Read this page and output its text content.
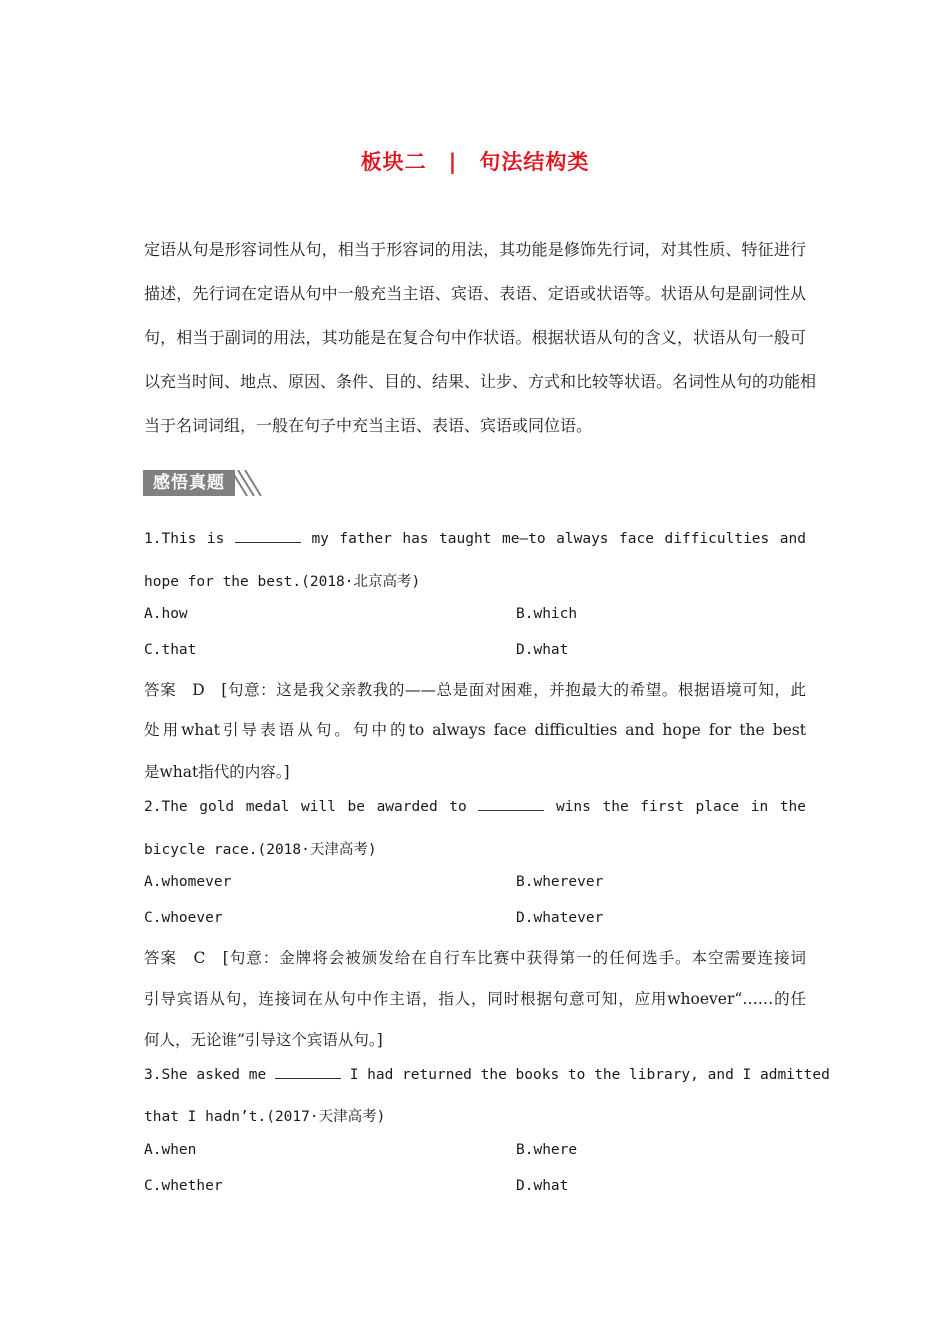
板块二 | 句法结构类
定语从句是形容词性从句，相当于形容词的用法，其功能是修饰先行词，对其性质、特征进行
描述，先行词在定语从句中一般充当主语、宾语、表语、定语或状语等。状语从句是副词性从
句，相当于副词的用法，其功能是在复合句中作状语。根据状语从句的含义，状语从句一般可
以充当时间、地点、原因、条件、目的、结果、让步、方式和比较等状语。名词性从句的功能相
当于名词词组，一般在句子中充当主语、表语、宾语或同位语。
感悟真题
1.This is	my father has taught me—to always face difficulties and
hope for the best.(2018·北京高考)
A.how	B.which
C.that	D.what
答案　D　[句意：这是我父亲教我的——总是面对困难，并抱最大的希望。根据语境可知，此
处用what引导表语从句。句中的to always face difficulties and hope for the best
是what指代的内容。]
2.The gold medal will be awarded to	wins the first place in the
bicycle race.(2018·天津高考)
A.whomever	B.wherever
C.whoever	D.whatever
答案　C　[句意：金牌将会被颁发给在自行车比赛中获得第一的任何选手。本空需要连接词
引导宾语从句，连接词在从句中作主语，指人，同时根据句意可知，应用whoever“……的任
何人，无论谁”引导这个宾语从句。]
3.She asked me	I had returned the books to the library, and I admitted
that I hadn’t.(2017·天津高考)
A.when	B.where
C.whether	D.what
